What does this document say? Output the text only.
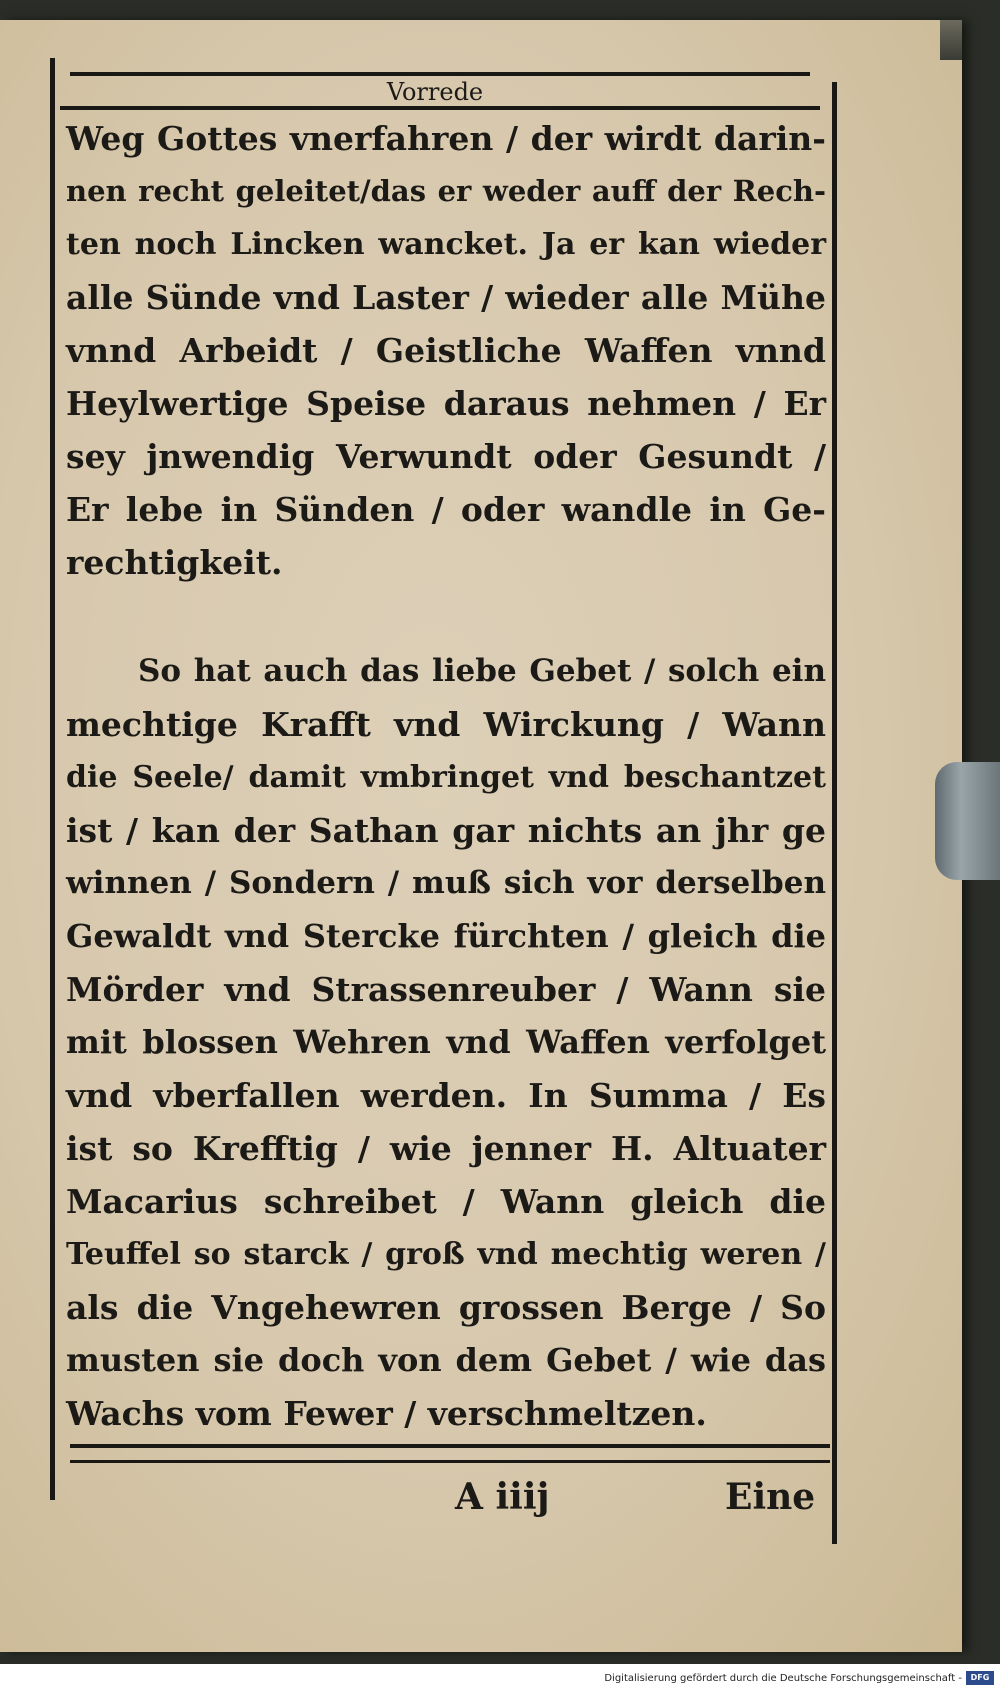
Vorrede
Weg Gottes vnerfahren / der wirdt darin-
nen recht geleitet/das er weder auff der Rech-
ten noch Lincken wancket. Ja er kan wieder
alle Sünde vnd Laster / wieder alle Mühe
vnnd Arbeidt / Geistliche Waffen vnnd
Heylwertige Speise daraus nehmen / Er
sey jnwendig Verwundt oder Gesundt /
Er lebe in Sünden / oder wandle in Ge-
rechtigkeit.
So hat auch das liebe Gebet / solch ein
mechtige Krafft vnd Wirckung / Wann
die Seele/ damit vmbringet vnd beschantzet
ist / kan der Sathan gar nichts an jhr ge
winnen / Sondern / muß sich vor derselben
Gewaldt vnd Stercke fürchten / gleich die
Mörder vnd Strassenreuber / Wann sie
mit blossen Wehren vnd Waffen verfolget
vnd vberfallen werden. In Summa / Es
ist so Krefftig / wie jenner H. Altuater
Macarius schreibet / Wann gleich die
Teuffel so starck / groß vnd mechtig weren /
als die Vngehewren grossen Berge / So
musten sie doch von dem Gebet / wie das
Wachs vom Fewer / verschmeltzen.
A iiij	Eine
Digitalisierung gefördert durch die Deutsche Forschungsgemeinschaft -	DFG
